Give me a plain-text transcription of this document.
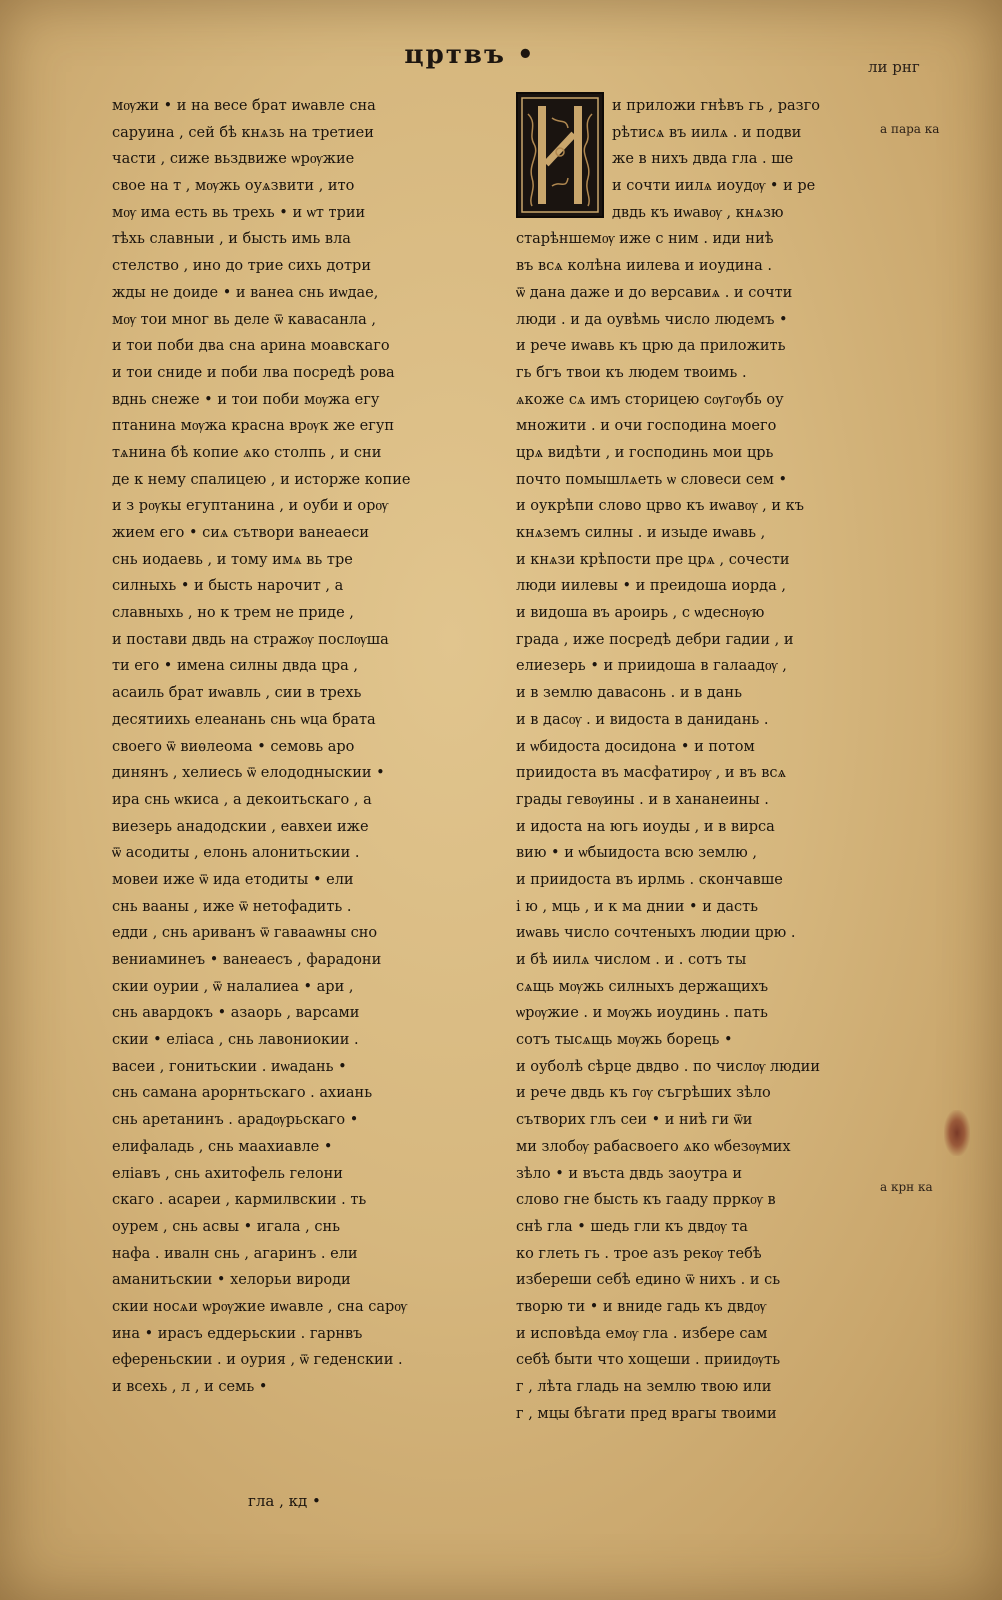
цртвъ •	ли рнг
а пара ка
а крн ка
мѹжи • и на весе брат иѡавле сна
саруина , сей бѣ кнѧзь на третиеи
части , сиже вьздвиже ѡрѹжие
свое на т , мѹжь оуѧзвити , ито
мѹ има есть вь трехь • и ѡт трии
тѣхь славныи , и бысть имь вла
стелство , ино до трие сихь дотри
жды не доиде • и ванеа снь иѡдае,
мѹ тои мног вь деле ѿ кавасанла ,
и тои поби два сна арина моавскаго
и тои сниде и поби лва посредѣ рова
вднь снеже • и тои поби мѹжа егу
птанина мѹжа красна врѹк же егуп
тѧнина бѣ копие ѧко столпь , и сни
де к нему спалицею , и исторже копие
и з рѹкы егуптанина , и оуби и орѹ
жием его • сиѧ сътвори ванеаеси
снь иодаевь , и тому имѧ вь тре
силныхь • и бысть нарочит , а
славныхь , но к трем не приде ,
и постави двдь на стражѹ послѹша
ти его • имена силны двда цра ,
асаиль брат иѡавль , сии в трехь
десятиихь елеанань снь ѡца брата
своего ѿ виѳлеома • семовь аро
динянъ , хелиесь ѿ елододныскии •
ира снь ѡкиса , а декоитьскаго , а
виезерь анадодскии , еавхеи иже
ѿ асодиты , елонь алонитьскии .
мовеи иже ѿ ида етодиты • ели
снь вааны , иже ѿ нетофадить .
едди , снь ариванъ ѿ гавааѡны сно
вениаминеъ • ванеаесъ , фарадони
скии оурии , ѿ налалиеа • ари ,
снь авардокъ • азаорь , варсами
скии • еліаса , снь лавониокии .
васеи , гонитьскии . иѡадань •
снь самана арорнтьскаго . ахиань
снь аретанинъ . арадѹрьскаго •
елифаладь , снь маахиавле •
еліавъ , снь ахитофель гелони
скаго . асареи , кармилвскии . ть
оурем , снь асвы • игала , снь
нафа . ивалн снь , агаринъ . ели
аманитьскии • хелорьи вироди
скии носѧи ѡрѹжие иѡавле , сна сарѹ
ина • ирасъ еддерьскии . гарнвъ
еференьскии . и оурия , ѿ геденскии .
и всехь , л , и семь •
и приложи гнѣвъ гь , разго
рѣтисѧ въ иилѧ . и подви
же в нихъ двда гла . ше
и сочти иилѧ иоудѹ • и ре
двдь къ иѡавѹ , кнѧзю
старѣншемѹ иже с ним . иди ниѣ
въ всѧ колѣна иилева и иоудина .
ѿ дана даже и до версавиѧ . и сочти
люди . и да оувѣмь число людемъ •
и рече иѡавь къ црю да приложить
гь бгъ твои къ людем твоимь .
ѧкоже сѧ имъ сторицею сѹгѹбь оу
множити . и очи господина моего
црѧ видѣти , и господинь мои црь
почто помышлѧеть ѡ словеси сем •
и оукрѣпи слово црво къ иѡавѹ , и къ
кнѧземъ силны . и изыде иѡавь ,
и кнѧзи крѣпости пре црѧ , сочести
люди иилевы • и преидоша иорда ,
и видоша въ ароирь , с ѡдеснѹю
града , иже посредѣ дебри гадии , и
елиезерь • и приидоша в галаадѹ ,
и в землю давасонь . и в дань
и в дасѹ . и видоста в данидань .
и ѡбидоста досидона • и потом
приидоста въ масфатирѹ , и въ всѧ
грады гевѹины . и в хананеины .
и идоста на югь иоуды , и в вирса
вию • и ѡбыидоста всю землю ,
и приидоста въ ирлмь . скончавше
і ю , мць , и к ма днии • и дасть
иѡавь число сочтеныхъ людии црю .
и бѣ иилѧ числом . и . сотъ ты
сѧщь мѹжь силныхъ держащихъ
ѡрѹжие . и мѹжь иоудинь . пать
сотъ тысѧщь мѹжь борець •
и оуболѣ сѣрце двдво . по числѹ людии
и рече двдь къ гѹ съгрѣших зѣло
сътворих глъ сеи • и ниѣ ги ѿи
ми злобѹ рабасвоего ѧко ѡбезѹмих
зѣло • и въста двдь заоутра и
слово гне бысть къ гааду прркѹ в
снѣ гла • шедь гли къ двдѹ та
ко глеть гь . трое азъ рекѹ тебѣ
избереши себѣ едино ѿ нихъ . и сь
творю ти • и вниде гадь къ двдѹ
и исповѣда емѹ гла . избере сам
себѣ быти что хощеши . приидѹть
г , лѣта гладь на землю твою или
г , мцы бѣгати пред врагы твоими
гла , кд •
